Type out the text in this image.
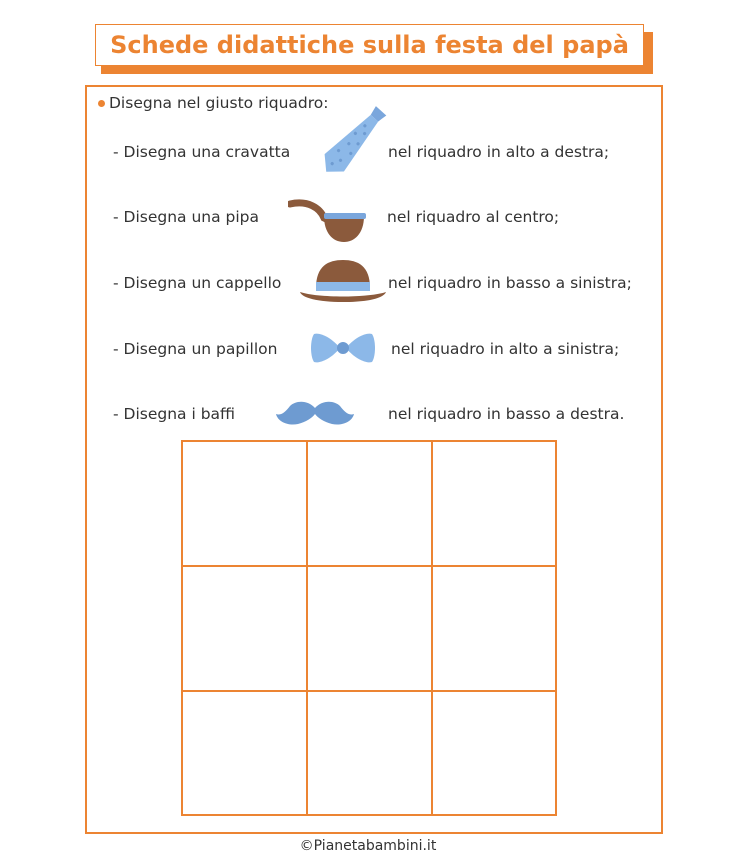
Schede didattiche sulla festa del papà
Disegna nel giusto riquadro:
- Disegna una cravatta	nel riquadro in alto a destra;
- Disegna una pipa	nel riquadro al centro;
- Disegna un cappello	nel riquadro in basso a sinistra;
- Disegna un papillon	nel riquadro in alto a sinistra;
- Disegna i baffi	nel riquadro in basso a destra.
©Pianetabambini.it
